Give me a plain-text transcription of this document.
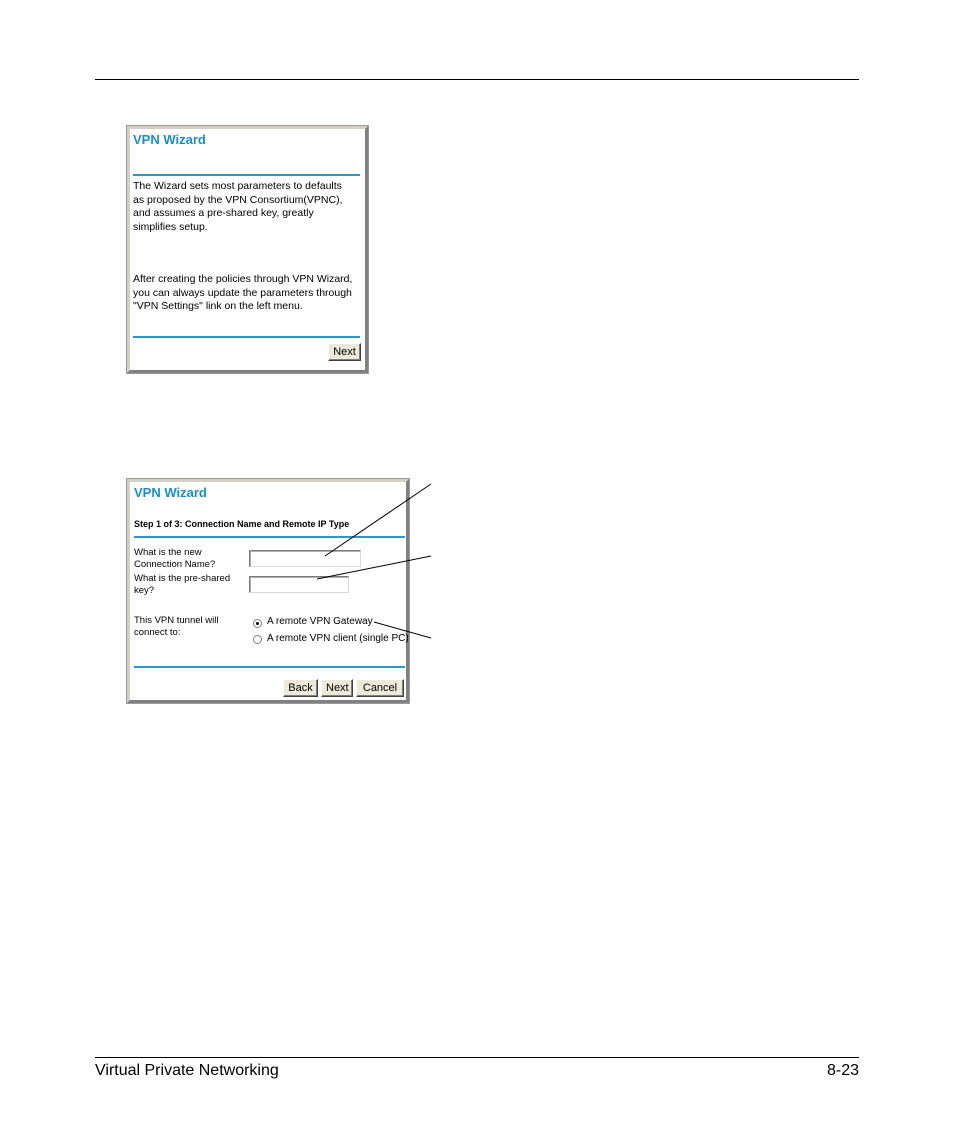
VPN Wizard
The Wizard sets most parameters to defaults
as proposed by the VPN Consortium(VPNC),
and assumes a pre-shared key, greatly
simplifies setup.
After creating the policies through VPN Wizard,
you can always update the parameters through
"VPN Settings" link on the left menu.
Next
VPN Wizard
Step 1 of 3: Connection Name and Remote IP Type
What is the new
Connection Name?
What is the pre-shared
key?
This VPN tunnel will
connect to:
A remote VPN Gateway
A remote VPN client (single PC)
Back	Next	Cancel
Virtual Private Networking	8-23
